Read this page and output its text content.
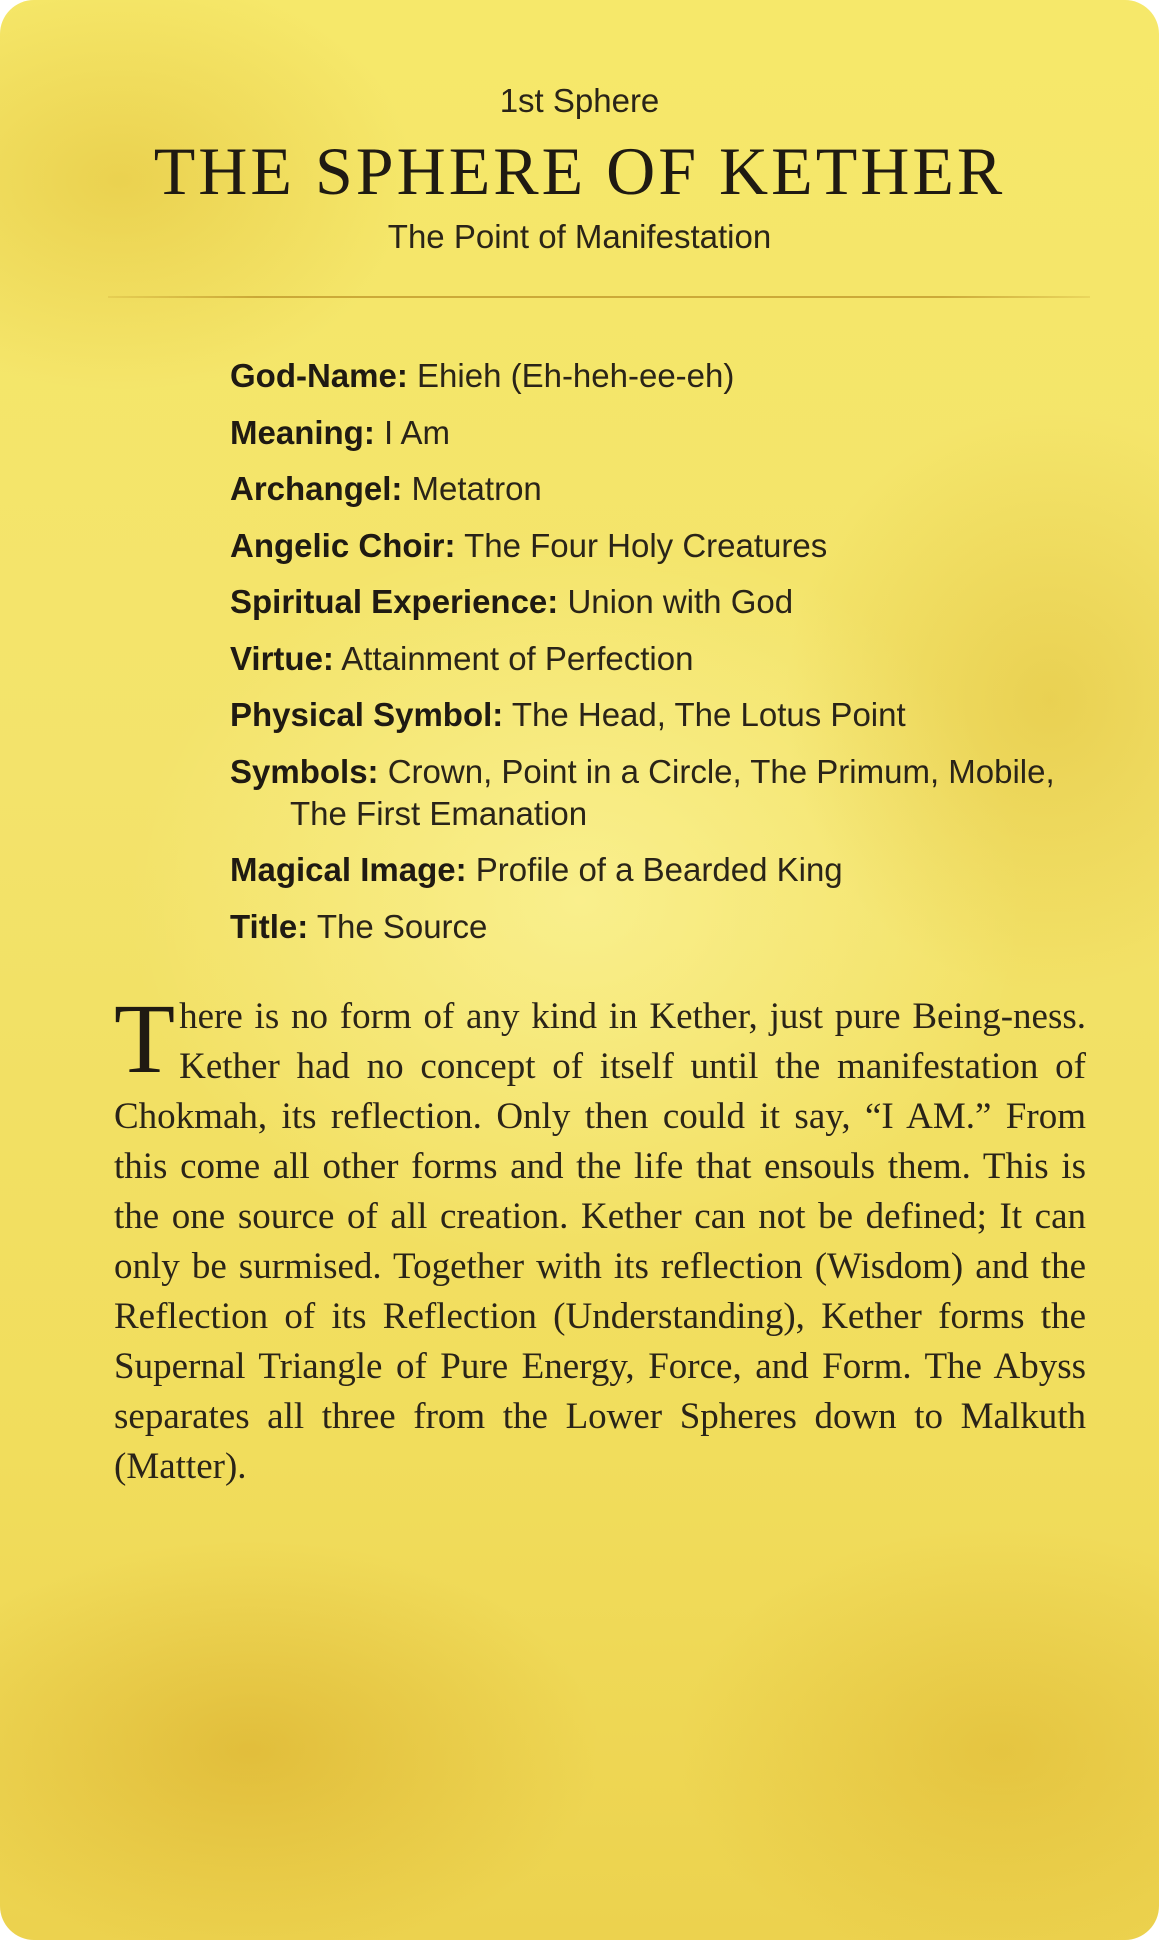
1st Sphere
THE SPHERE OF KETHER
The Point of Manifestation
God-Name: Ehieh (Eh-heh-ee-eh)
Meaning: I Am
Archangel: Metatron
Angelic Choir: The Four Holy Creatures
Spiritual Experience: Union with God
Virtue: Attainment of Perfection
Physical Symbol: The Head, The Lotus Point
Symbols: Crown, Point in a Circle, The Primum, Mobile, The First Emanation
Magical Image: Profile of a Bearded King
Title: The Source
There is no form of any kind in Kether, just pure Being-ness. Kether had no concept of itself until the manifestation of Chokmah, its reflection. Only then could it say, “I AM.” From this come all other forms and the life that ensouls them. This is the one source of all creation. Kether can not be defined; It can only be surmised. Together with its reflection (Wisdom) and the Reflection of its Reflection (Understanding), Kether forms the Supernal Triangle of Pure Energy, Force, and Form. The Abyss separates all three from the Lower Spheres down to Malkuth (Matter).
